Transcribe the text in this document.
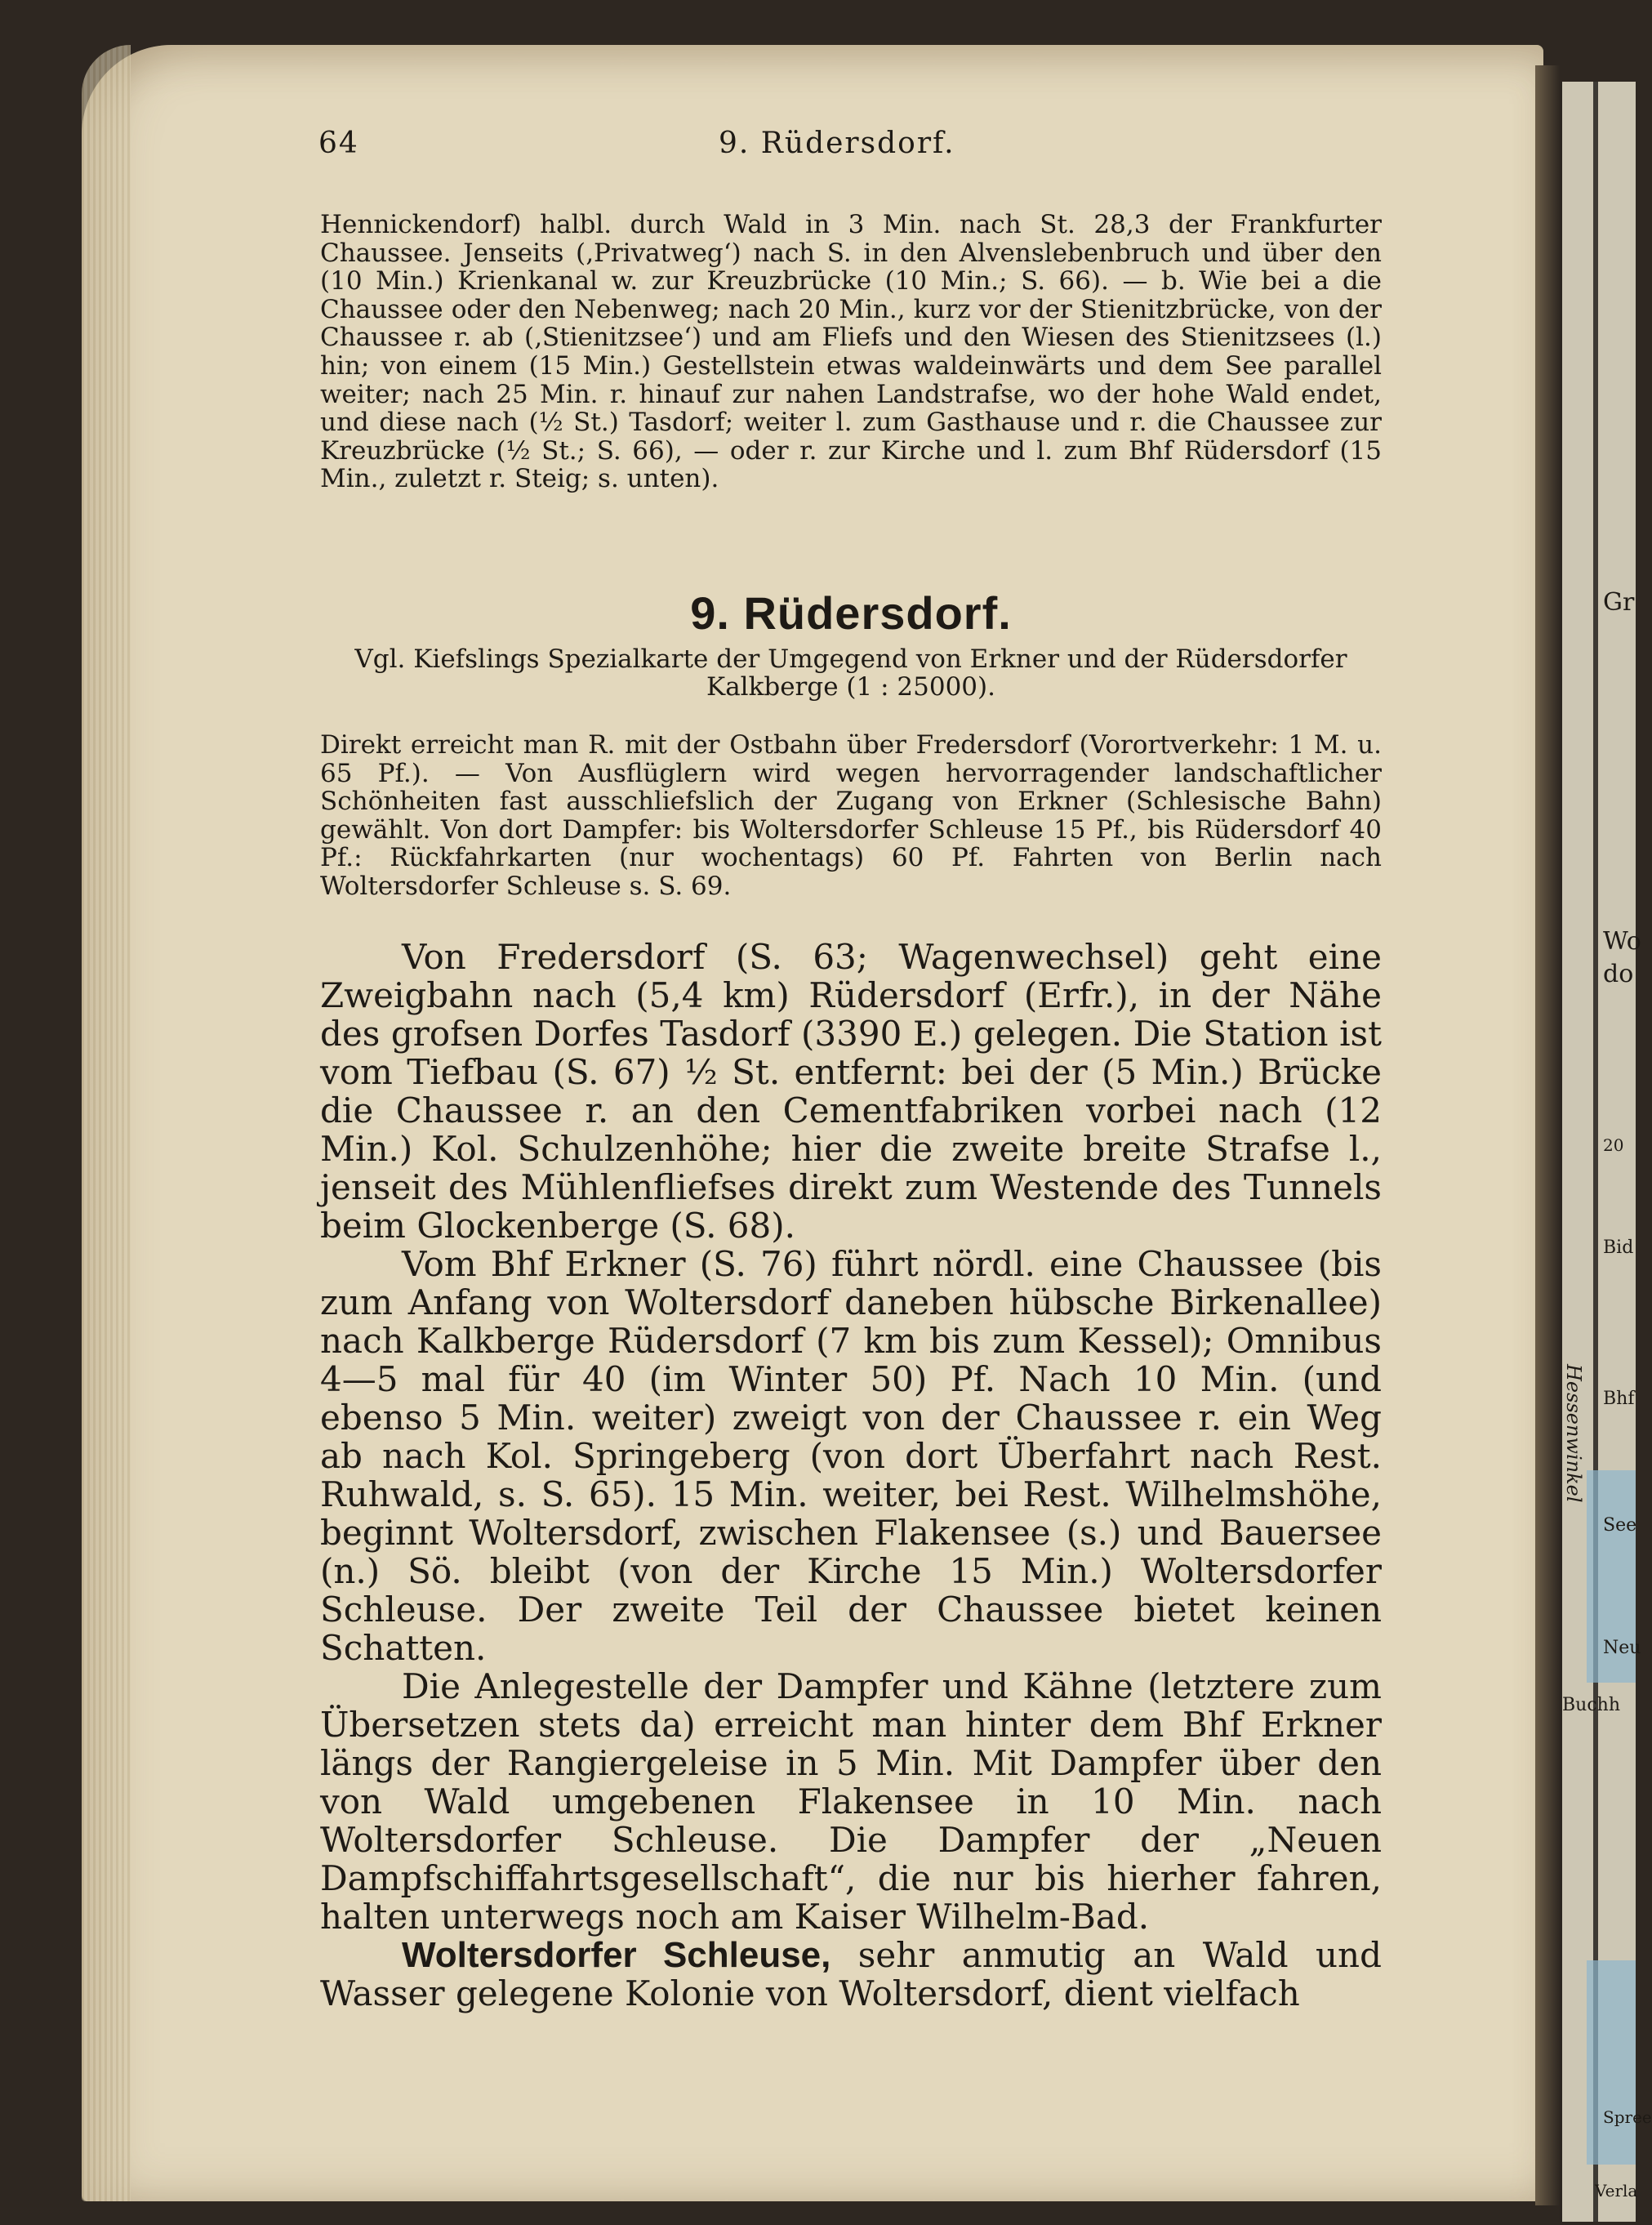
Gr
Wo
do
20
Bid
Bhf
See
Neu
Buchh
Spree
Verla
Hessenwinkel
64	9. Rüdersdorf.

Hennickendorf) halbl. durch Wald in 3 Min. nach St. 28,3 der Frankfurter Chaussee. Jenseits (‚Privatweg‘) nach S. in den Alvenslebenbruch und über den (10 Min.) Krienkanal w. zur Kreuzbrücke (10 Min.; S. 66). — b. Wie bei a die Chaussee oder den Nebenweg; nach 20 Min., kurz vor der Stienitzbrücke, von der Chaussee r. ab (‚Stienitzsee‘) und am Fliefs und den Wiesen des Stienitzsees (l.) hin; von einem (15 Min.) Gestellstein etwas waldeinwärts und dem See parallel weiter; nach 25 Min. r. hinauf zur nahen Landstrafse, wo der hohe Wald endet, und diese nach (½ St.) Tasdorf; weiter l. zum Gasthause und r. die Chaussee zur Kreuzbrücke (½ St.; S. 66), — oder r. zur Kirche und l. zum Bhf Rüdersdorf (15 Min., zuletzt r. Steig; s. unten).

9. Rüdersdorf.

Vgl. Kiefslings Spezialkarte der Umgegend von Erkner und der Rüdersdorfer Kalkberge (1 : 25000).

Direkt erreicht man R. mit der Ostbahn über Fredersdorf (Vorortverkehr: 1 M. u. 65 Pf.). — Von Ausflüglern wird wegen hervorragender landschaftlicher Schönheiten fast ausschliefslich der Zugang von Erkner (Schlesische Bahn) gewählt. Von dort Dampfer: bis Woltersdorfer Schleuse 15 Pf., bis Rüdersdorf 40 Pf.: Rückfahrkarten (nur wochentags) 60 Pf. Fahrten von Berlin nach Woltersdorfer Schleuse s. S. 69.

Von Fredersdorf (S. 63; Wagenwechsel) geht eine Zweigbahn nach (5,4 km) Rüdersdorf (Erfr.), in der Nähe des grofsen Dorfes Tasdorf (3390 E.) gelegen. Die Station ist vom Tiefbau (S. 67) ½ St. entfernt: bei der (5 Min.) Brücke die Chaussee r. an den Cementfabriken vorbei nach (12 Min.) Kol. Schulzenhöhe; hier die zweite breite Strafse l., jenseit des Mühlenfliefses direkt zum Westende des Tunnels beim Glockenberge (S. 68).

Vom Bhf Erkner (S. 76) führt nördl. eine Chaussee (bis zum Anfang von Woltersdorf daneben hübsche Birkenallee) nach Kalkberge Rüdersdorf (7 km bis zum Kessel); Omnibus 4—5 mal für 40 (im Winter 50) Pf. Nach 10 Min. (und ebenso 5 Min. weiter) zweigt von der Chaussee r. ein Weg ab nach Kol. Springeberg (von dort Überfahrt nach Rest. Ruhwald, s. S. 65). 15 Min. weiter, bei Rest. Wilhelmshöhe, beginnt Woltersdorf, zwischen Flakensee (s.) und Bauersee (n.) Sö. bleibt (von der Kirche 15 Min.) Woltersdorfer Schleuse. Der zweite Teil der Chaussee bietet keinen Schatten.

Die Anlegestelle der Dampfer und Kähne (letztere zum Übersetzen stets da) erreicht man hinter dem Bhf Erkner längs der Rangiergeleise in 5 Min. Mit Dampfer über den von Wald umgebenen Flakensee in 10 Min. nach Woltersdorfer Schleuse. Die Dampfer der „Neuen Dampfschiffahrtsgesellschaft“, die nur bis hierher fahren, halten unterwegs noch am Kaiser Wilhelm-Bad.

Woltersdorfer Schleuse, sehr anmutig an Wald und Wasser gelegene Kolonie von Woltersdorf, dient vielfach
